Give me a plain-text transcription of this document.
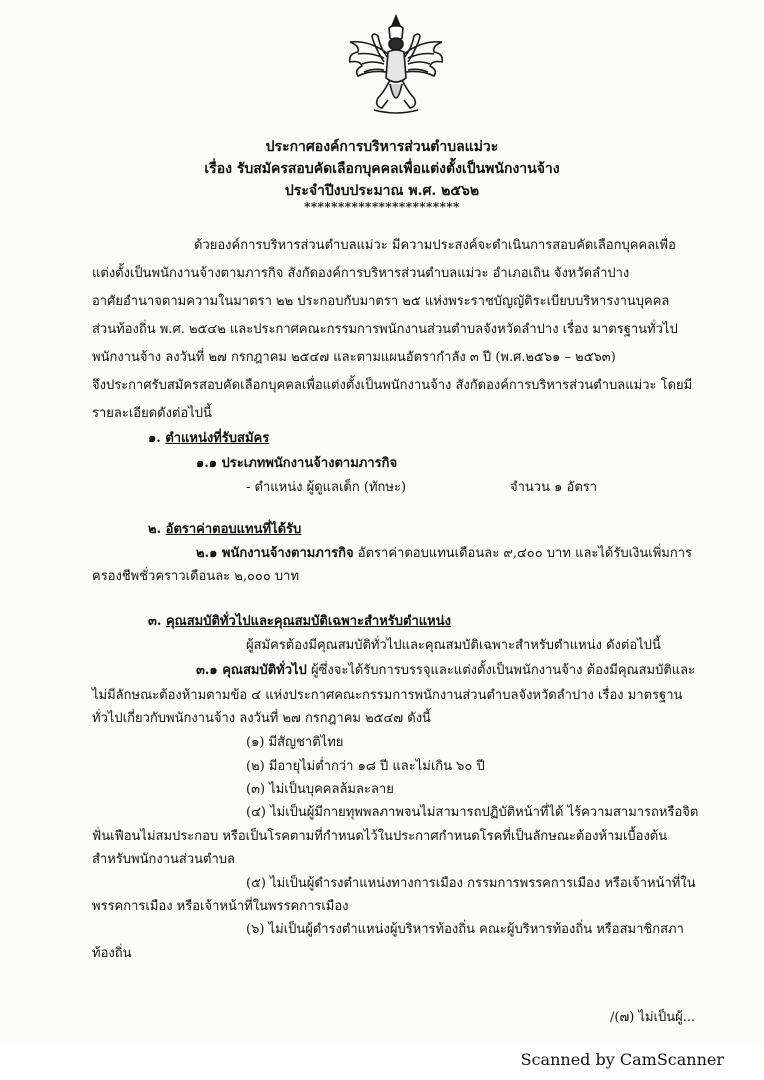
ประกาศองค์การบริหารส่วนตำบลแม่วะ
เรื่อง รับสมัครสอบคัดเลือกบุคคลเพื่อแต่งตั้งเป็นพนักงานจ้าง
ประจำปีงบประมาณ พ.ศ. ๒๕๖๒
***********************
ด้วยองค์การบริหารส่วนตำบลแม่วะ มีความประสงค์จะดำเนินการสอบคัดเลือกบุคคลเพื่อ
แต่งตั้งเป็นพนักงานจ้างตามภารกิจ สังกัดองค์การบริหารส่วนตำบลแม่วะ อำเภอเถิน จังหวัดลำปาง
อาศัยอำนาจตามความในมาตรา ๒๒ ประกอบกับมาตรา ๒๕ แห่งพระราชบัญญัติระเบียบบริหารงานบุคคล
ส่วนท้องถิ่น พ.ศ. ๒๕๔๒ และประกาศคณะกรรมการพนักงานส่วนตำบลจังหวัดลำปาง เรื่อง มาตรฐานทั่วไป
พนักงานจ้าง ลงวันที่ ๒๗ กรกฎาคม ๒๕๔๗ และตามแผนอัตรากำลัง ๓ ปี (พ.ศ.๒๕๖๑ – ๒๕๖๓)
จึงประกาศรับสมัครสอบคัดเลือกบุคคลเพื่อแต่งตั้งเป็นพนักงานจ้าง สังกัดองค์การบริหารส่วนตำบลแม่วะ โดยมี
รายละเอียดดังต่อไปนี้
๑. ตำแหน่งที่รับสมัคร
๑.๑ ประเภทพนักงานจ้างตามภารกิจ
- ตำแหน่ง ผู้ดูแลเด็ก (ทักษะ)	จำนวน ๑ อัตรา
๒. อัตราค่าตอบแทนที่ได้รับ
๒.๑ พนักงานจ้างตามภารกิจ อัตราค่าตอบแทนเดือนละ ๙,๔๐๐ บาท และได้รับเงินเพิ่มการ
ครองชีพชั่วคราวเดือนละ ๒,๐๐๐ บาท
๓. คุณสมบัติทั่วไปและคุณสมบัติเฉพาะสำหรับตำแหน่ง
ผู้สมัครต้องมีคุณสมบัติทั่วไปและคุณสมบัติเฉพาะสำหรับตำแหน่ง ดังต่อไปนี้
๓.๑ คุณสมบัติทั่วไป ผู้ซึ่งจะได้รับการบรรจุและแต่งตั้งเป็นพนักงานจ้าง ต้องมีคุณสมบัติและ
ไม่มีลักษณะต้องห้ามตามข้อ ๔ แห่งประกาศคณะกรรมการพนักงานส่วนตำบลจังหวัดลำปาง เรื่อง มาตรฐาน
ทั่วไปเกี่ยวกับพนักงานจ้าง ลงวันที่ ๒๗ กรกฎาคม ๒๕๔๗ ดังนี้
(๑) มีสัญชาติไทย
(๒) มีอายุไม่ต่ำกว่า ๑๘ ปี และไม่เกิน ๖๐ ปี
(๓) ไม่เป็นบุคคลล้มละลาย
(๔) ไม่เป็นผู้มีกายทุพพลภาพจนไม่สามารถปฏิบัติหน้าที่ได้ ไร้ความสามารถหรือจิต
ฟั่นเฟือนไม่สมประกอบ หรือเป็นโรคตามที่กำหนดไว้ในประกาศกำหนดโรคที่เป็นลักษณะต้องห้ามเบื้องต้น
สำหรับพนักงานส่วนตำบล
(๕) ไม่เป็นผู้ดำรงตำแหน่งทางการเมือง กรรมการพรรคการเมือง หรือเจ้าหน้าที่ใน
พรรคการเมือง หรือเจ้าหน้าที่ในพรรคการเมือง
(๖) ไม่เป็นผู้ดำรงตำแหน่งผู้บริหารท้องถิ่น คณะผู้บริหารท้องถิ่น หรือสมาชิกสภา
ท้องถิ่น
/(๗) ไม่เป็นผู้...
Scanned by CamScanner
